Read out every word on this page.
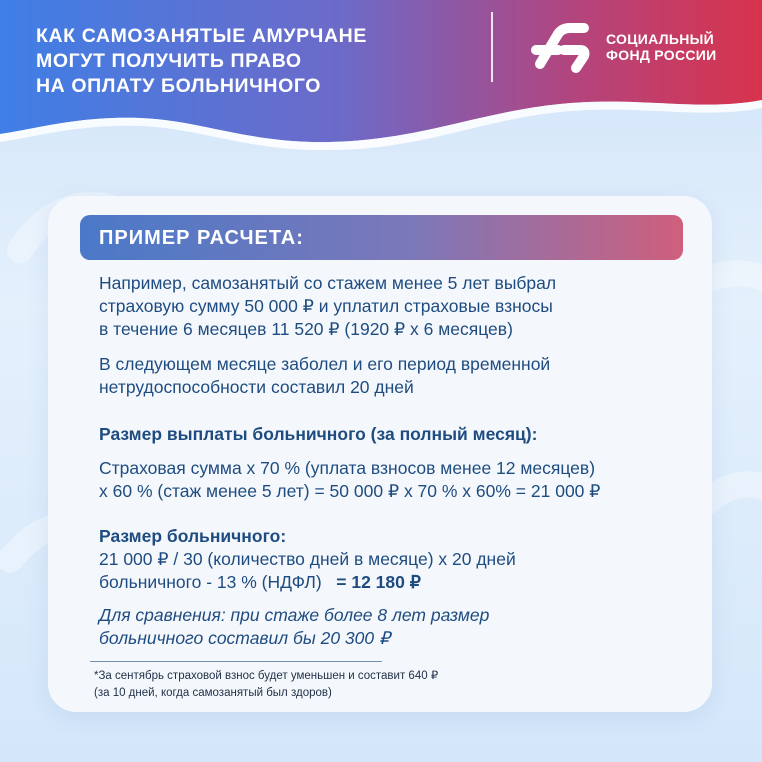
КАК САМОЗАНЯТЫЕ АМУРЧАНЕ
МОГУТ ПОЛУЧИТЬ ПРАВО
НА ОПЛАТУ БОЛЬНИЧНОГО
СОЦИАЛЬНЫЙ
ФОНД РОССИИ
ПРИМЕР РАСЧЕТА:

Например, самозанятый со стажем менее 5 лет выбрал
страховую сумму 50 000 ₽ и уплатил страховые взносы
в течение 6 месяцев 11 520 ₽ (1920 ₽ х 6 месяцев)

В следующем месяце заболел и его период временной
нетрудоспособности составил 20 дней

Размер выплаты больничного (за полный месяц):

Страховая сумма х 70 % (уплата взносов менее 12 месяцев)
х 60 % (стаж менее 5 лет) = 50 000 ₽ х 70 % х 60% = 21 000 ₽

Размер больничного:

21 000 ₽ / 30 (количество дней в месяце) х 20 дней

больничного - 13 % (НДФЛ) = 12 180 ₽

Для сравнения: при стаже более 8 лет размер
больничного составил бы 20 300 ₽

*За сентябрь страховой взнос будет уменьшен и составит 640 ₽
(за 10 дней, когда самозанятый был здоров)
